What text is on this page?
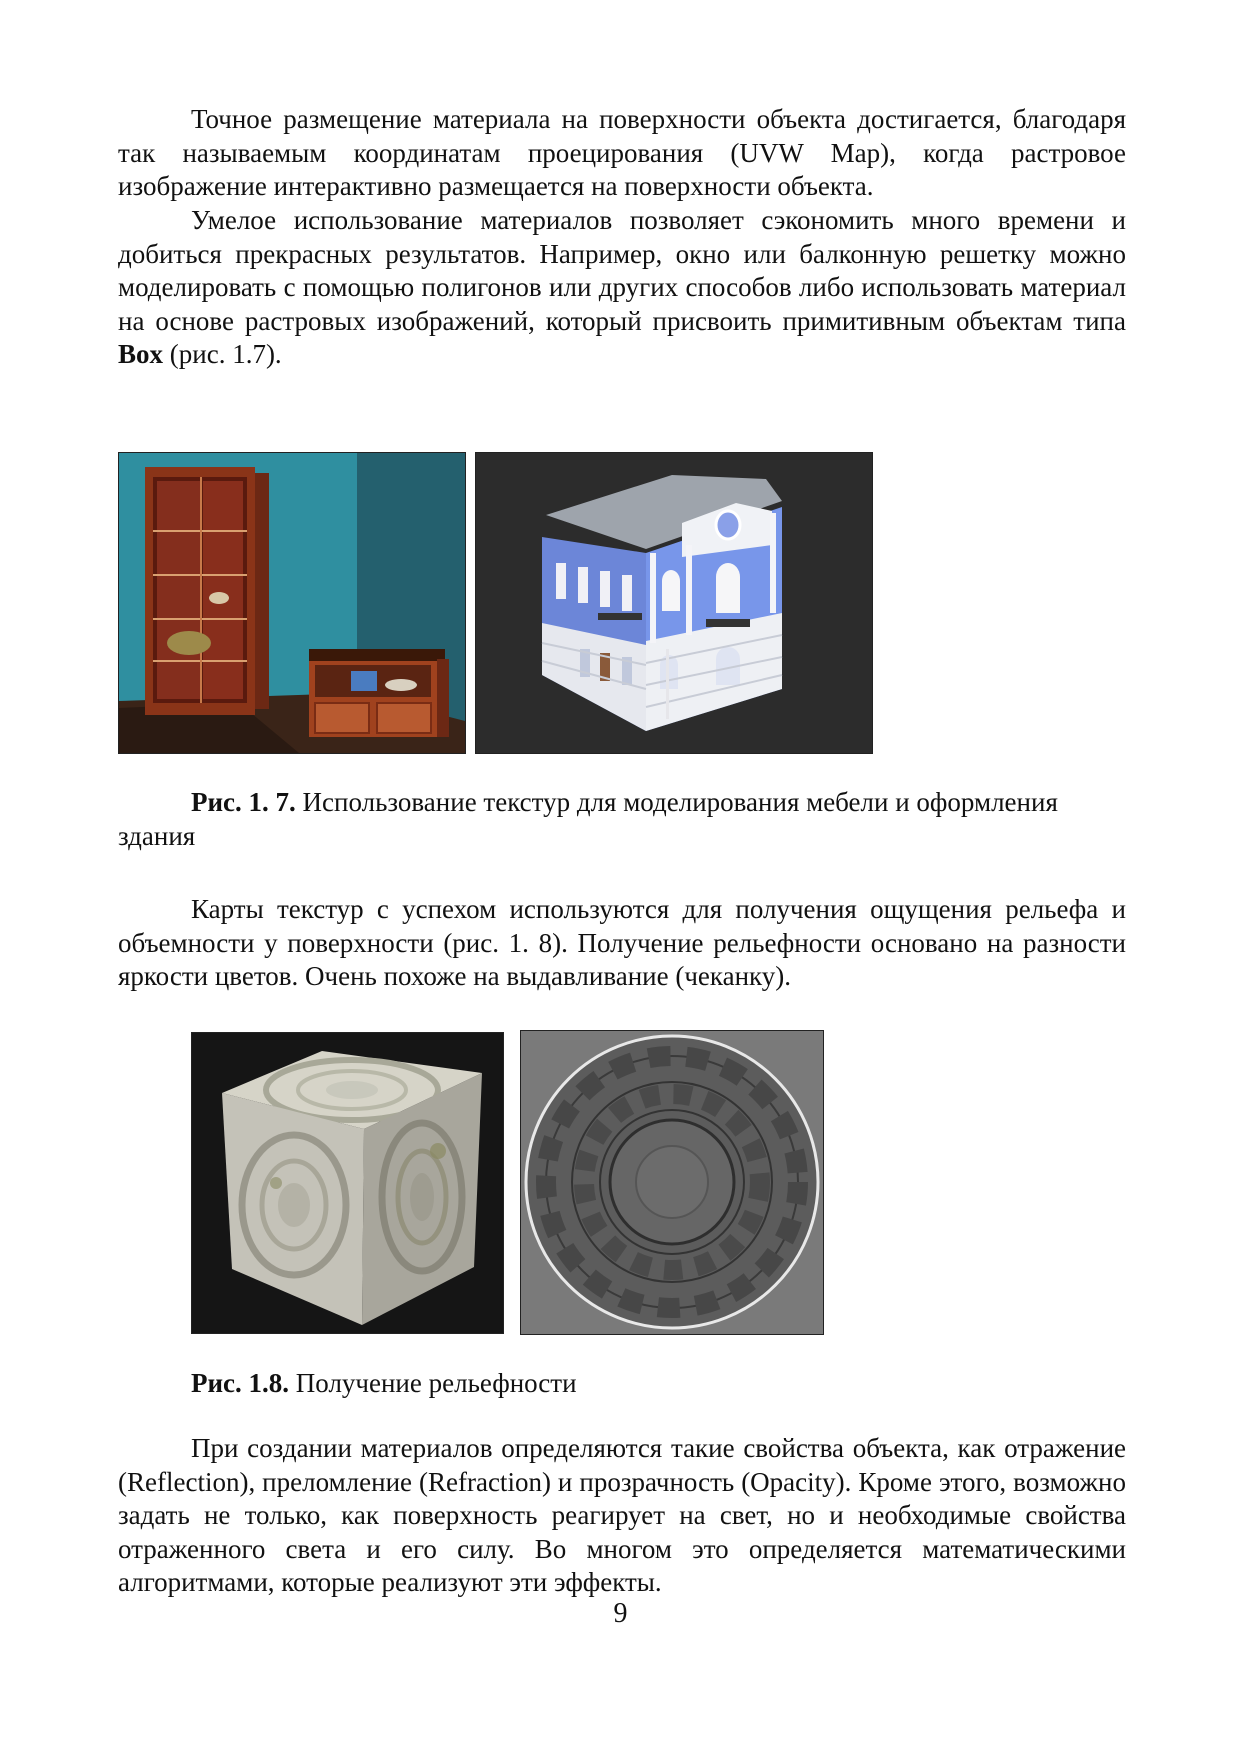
Точное размещение материала на поверхности объекта достигается, благодаря так называемым координатам проецирования (UVW Map), когда растровое изображение интерактивно размещается на поверхности объекта.

Умелое использование материалов позволяет сэкономить много времени и добиться прекрасных результатов. Например, окно или балконную решетку можно моделировать с помощью полигонов или других способов либо использовать материал на основе растровых изображений, который присвоить примитивным объектам типа Box (рис. 1.7).

Рис. 1. 7. Использование текстур для моделирования мебели и оформления здания

Карты текстур с успехом используются для получения ощущения рельефа и объемности у поверхности (рис. 1. 8). Получение рельефности основано на разности яркости цветов. Очень похоже на выдавливание (чеканку).

Рис. 1.8. Получение рельефности

При создании материалов определяются такие свойства объекта, как отражение (Reflection), преломление (Refraction) и прозрачность (Opacity). Кроме этого, возможно задать не только, как поверхность реагирует на свет, но и необходимые свойства отраженного света и его силу. Во многом это определяется математическими алгоритмами, которые реализуют эти эффекты.

9
